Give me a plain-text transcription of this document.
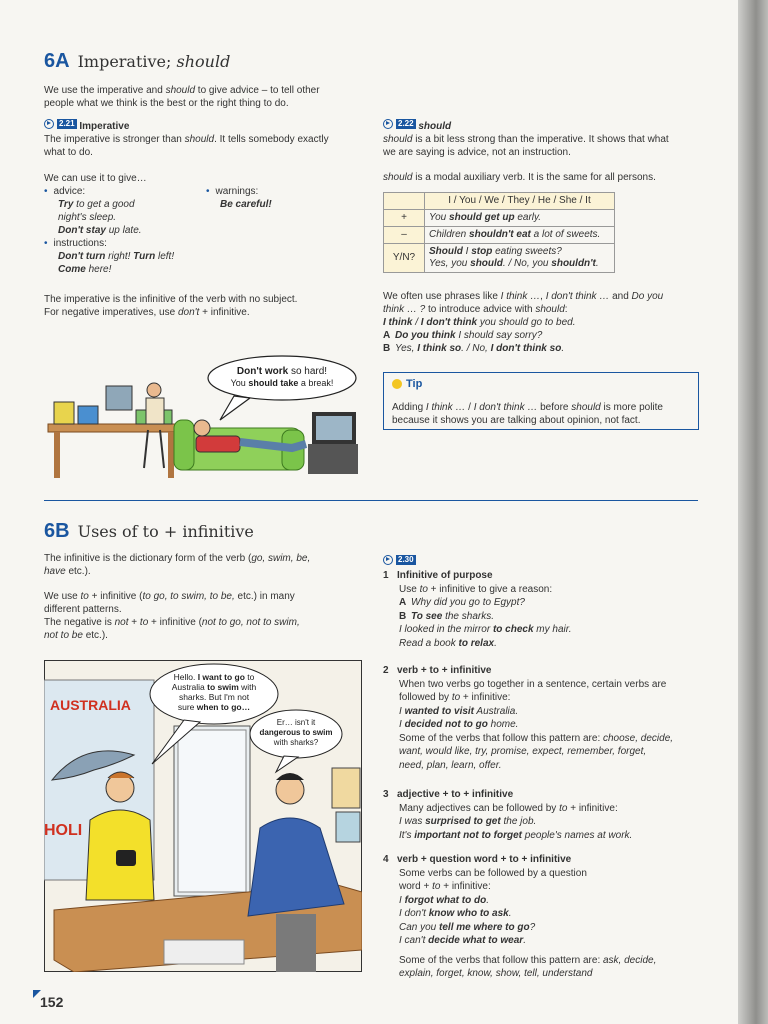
6A Imperative; should
We use the imperative and should to give advice – to tell other
people what we think is the best or the right thing to do.
2.21 Imperative
The imperative is stronger than should. It tells somebody exactly
what to do.
We can use it to give…
• advice:
Try to get a good
night's sleep.
Don't stay up late.
• instructions:
Don't turn right! Turn left!
Come here!
• warnings:
Be careful!
The imperative is the infinitive of the verb with no subject.
For negative imperatives, use don't + infinitive.
Don't work so hard!
You should take a break!
2.22 should
should is a bit less strong than the imperative. It shows that what
we are saying is advice, not an instruction.
should is a modal auxiliary verb. It is the same for all persons.
	I / You / We / They / He / She / It
+	You should get up early.
–	Children shouldn't eat a lot of sweets.
Y/N?	Should I stop eating sweets?
Yes, you should. / No, you shouldn't.
We often use phrases like I think …, I don't think … and Do you
think … ? to introduce advice with should:
I think / I don't think you should go to bed.
A Do you think I should say sorry?
B Yes, I think so. / No, I don't think so.
Tip
Adding I think … / I don't think … before should is more polite
because it shows you are talking about opinion, not fact.
6B Uses of to + infinitive
The infinitive is the dictionary form of the verb (go, swim, be,
have etc.).
We use to + infinitive (to go, to swim, to be, etc.) in many
different patterns.
The negative is not + to + infinitive (not to go, not to swim,
not to be etc.).
AUSTRALIA
HOLI
Hello. I want to go to
Australia to swim with
sharks. But I'm not
sure when to go…
Er… isn't it
dangerous to swim
with sharks?
2.30
1 Infinitive of purpose

Use to + infinitive to give a reason:
A Why did you go to Egypt?
B To see the sharks.
I looked in the mirror to check my hair.
Read a book to relax.
2 verb + to + infinitive

When two verbs go together in a sentence, certain verbs are
followed by to + infinitive:
I wanted to visit Australia.
I decided not to go home.
Some of the verbs that follow this pattern are: choose, decide,
want, would like, try, promise, expect, remember, forget,
need, plan, learn, offer.
3 adjective + to + infinitive

Many adjectives can be followed by to + infinitive:
I was surprised to get the job.
It's important not to forget people's names at work.
4 verb + question word + to + infinitive

Some verbs can be followed by a question
word + to + infinitive:
I forgot what to do.
I don't know who to ask.
Can you tell me where to go?
I can't decide what to wear.
Some of the verbs that follow this pattern are: ask, decide,
explain, forget, know, show, tell, understand
152
